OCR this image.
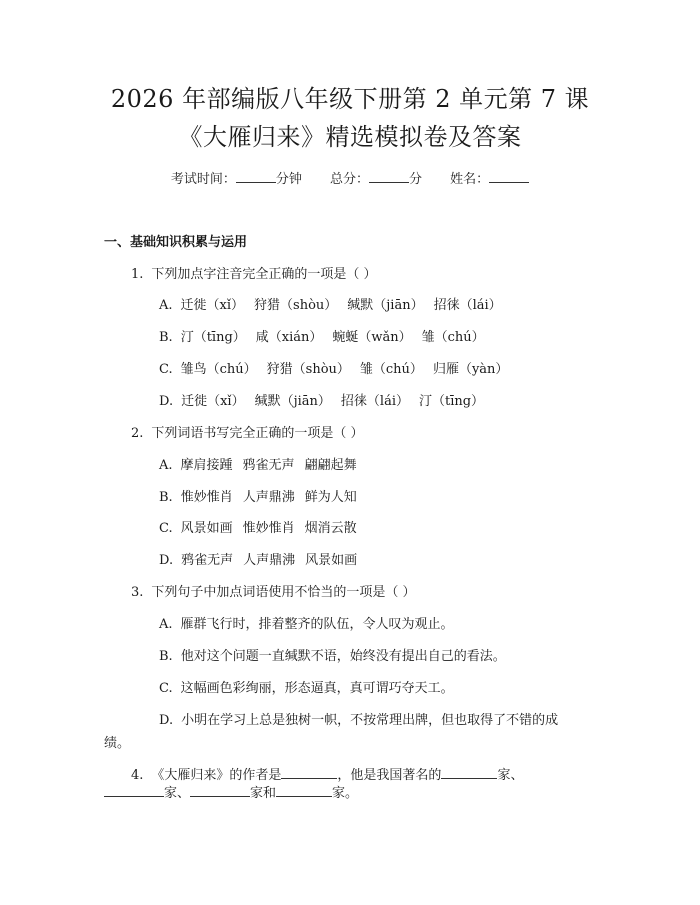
2026 年部编版八年级下册第 2 单元第 7 课
《大雁归来》精选模拟卷及答案
考试时间：	分钟 总分：	分 姓名：
一、基础知识积累与运用
1. 下列加点字注音完全正确的一项是（ ）
A. 迁徙（xǐ） 狩猎（shòu） 缄默（jiān） 招徕（lái）
B. 汀（tīng） 咸（xián） 蜿蜒（wǎn） 雏（chú）
C. 雏鸟（chú） 狩猎（shòu） 雏（chú） 归雁（yàn）
D. 迁徙（xǐ） 缄默（jiān） 招徕（lái） 汀（tīng）
2. 下列词语书写完全正确的一项是（ ）
A. 摩肩接踵 鸦雀无声 翩翩起舞
B. 惟妙惟肖 人声鼎沸 鲜为人知
C. 风景如画 惟妙惟肖 烟消云散
D. 鸦雀无声 人声鼎沸 风景如画
3. 下列句子中加点词语使用不恰当的一项是（ ）
A. 雁群飞行时，排着整齐的队伍，令人叹为观止。
B. 他对这个问题一直缄默不语，始终没有提出自己的看法。
C. 这幅画色彩绚丽，形态逼真，真可谓巧夺天工。
D. 小明在学习上总是独树一帜，不按常理出牌，但也取得了不错的成
绩。
4. 《大雁归来》的作者是	，他是我国著名的	家、
家、	家和	家。
